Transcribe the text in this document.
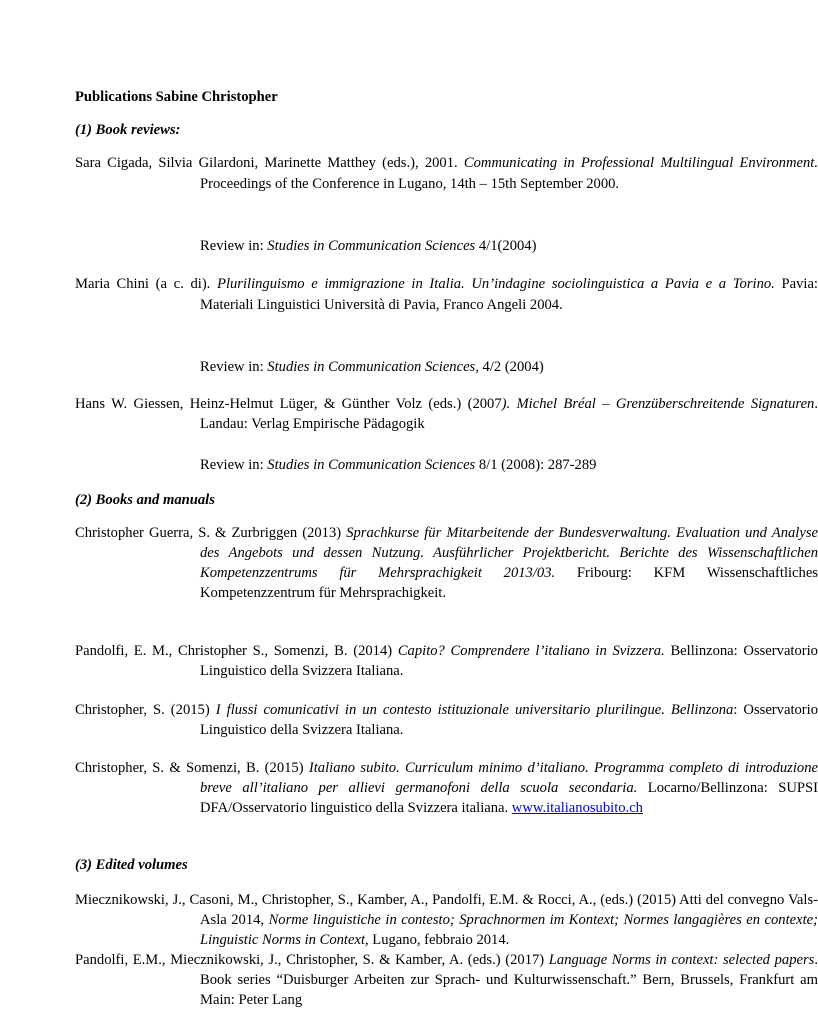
Publications Sabine Christopher
(1) Book reviews:
Sara Cigada, Silvia Gilardoni, Marinette Matthey (eds.), 2001. Communicating in Professional Multilingual Environment. Proceedings of the Conference in Lugano, 14th – 15th September 2000.
Review in: Studies in Communication Sciences 4/1(2004)
Maria Chini (a c. di). Plurilinguismo e immigrazione in Italia. Un’indagine sociolinguistica a Pavia e a Torino. Pavia: Materiali Linguistici Università di Pavia, Franco Angeli 2004.
Review in: Studies in Communication Sciences, 4/2 (2004)
Hans W. Giessen, Heinz-Helmut Lüger, & Günther Volz (eds.) (2007). Michel Bréal – Grenzüberschreitende Signaturen. Landau: Verlag Empirische Pädagogik
Review in: Studies in Communication Sciences 8/1 (2008): 287-289
(2) Books and manuals
Christopher Guerra, S. & Zurbriggen (2013) Sprachkurse für Mitarbeitende der Bundesverwaltung. Evaluation und Analyse des Angebots und dessen Nutzung. Ausführlicher Projektbericht. Berichte des Wissenschaftlichen Kompetenzzentrums für Mehrsprachigkeit 2013/03. Fribourg: KFM Wissenschaftliches Kompetenzzentrum für Mehrsprachigkeit.
Pandolfi, E. M., Christopher S., Somenzi, B. (2014) Capito? Comprendere l’italiano in Svizzera. Bellinzona: Osservatorio Linguistico della Svizzera Italiana.
Christopher, S. (2015) I flussi comunicativi in un contesto istituzionale universitario plurilingue. Bellinzona: Osservatorio Linguistico della Svizzera Italiana.
Christopher, S. & Somenzi, B. (2015) Italiano subito. Curriculum minimo d’italiano. Programma completo di introduzione breve all’italiano per allievi germanofoni della scuola secondaria. Locarno/Bellinzona: SUPSI DFA/Osservatorio linguistico della Svizzera italiana. www.italianosubito.ch
(3) Edited volumes
Miecznikowski, J., Casoni, M., Christopher, S., Kamber, A., Pandolfi, E.M. & Rocci, A., (eds.) (2015) Atti del convegno Vals-Asla 2014, Norme linguistiche in contesto; Sprachnormen im Kontext; Normes langagières en contexte; Linguistic Norms in Context, Lugano, febbraio 2014.
Pandolfi, E.M., Miecznikowski, J., Christopher, S. & Kamber, A. (eds.) (2017) Language Norms in context: selected papers. Book series “Duisburger Arbeiten zur Sprach- und Kulturwissenschaft.” Bern, Brussels, Frankfurt am Main: Peter Lang
